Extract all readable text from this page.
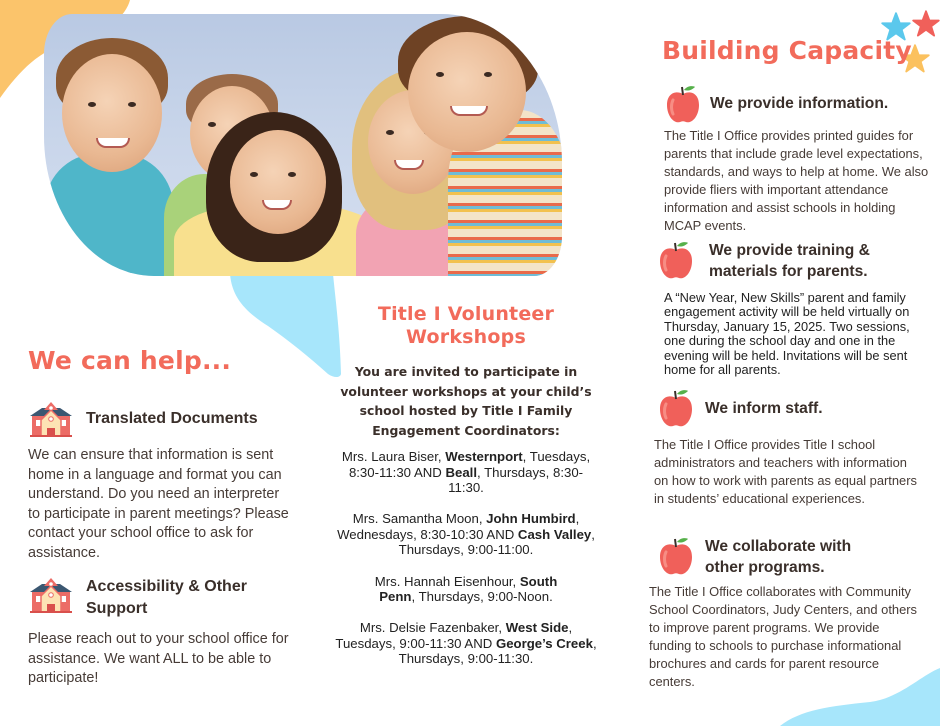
We can help...
Translated Documents
We can ensure that information is sent home in a language and format you can understand. Do you need an interpreter to participate in parent meetings? Please contact your school office to ask for assistance.
Accessibility & Other Support
Please reach out to your school office for assistance. We want ALL to be able to participate!
Title I Volunteer Workshops
You are invited to participate in volunteer workshops at your child’s school hosted by Title I Family Engagement Coordinators:

Mrs. Laura Biser, Westernport, Tuesdays, 8:30-11:30 AND Beall, Thursdays, 8:30-11:30.

Mrs. Samantha Moon, John Humbird, Wednesdays, 8:30-10:30 AND Cash Valley, Thursdays, 9:00-11:00.

Mrs. Hannah Eisenhour, South Penn, Thursdays, 9:00-Noon.

Mrs. Delsie Fazenbaker, West Side, Tuesdays, 9:00-11:30 AND George’s Creek, Thursdays, 9:00-11:30.

Building Capacity
We provide information.
The Title I Office provides printed guides for parents that include grade level expectations, standards, and ways to help at home. We also provide fliers with important attendance information and assist schools in holding MCAP events.
We provide training & materials for parents.
A “New Year, New Skills” parent and family engagement activity will be held virtually on Thursday, January 15, 2025. Two sessions, one during the school day and one in the evening will be held. Invitations will be sent home for all parents.
We inform staff.
The Title I Office provides Title I school administrators and teachers with information on how to work with parents as equal partners in students’ educational experiences.
We collaborate with other programs.
The Title I Office collaborates with Community School Coordinators, Judy Centers, and others to improve parent programs. We provide funding to schools to purchase informational brochures and cards for parent resource centers.
